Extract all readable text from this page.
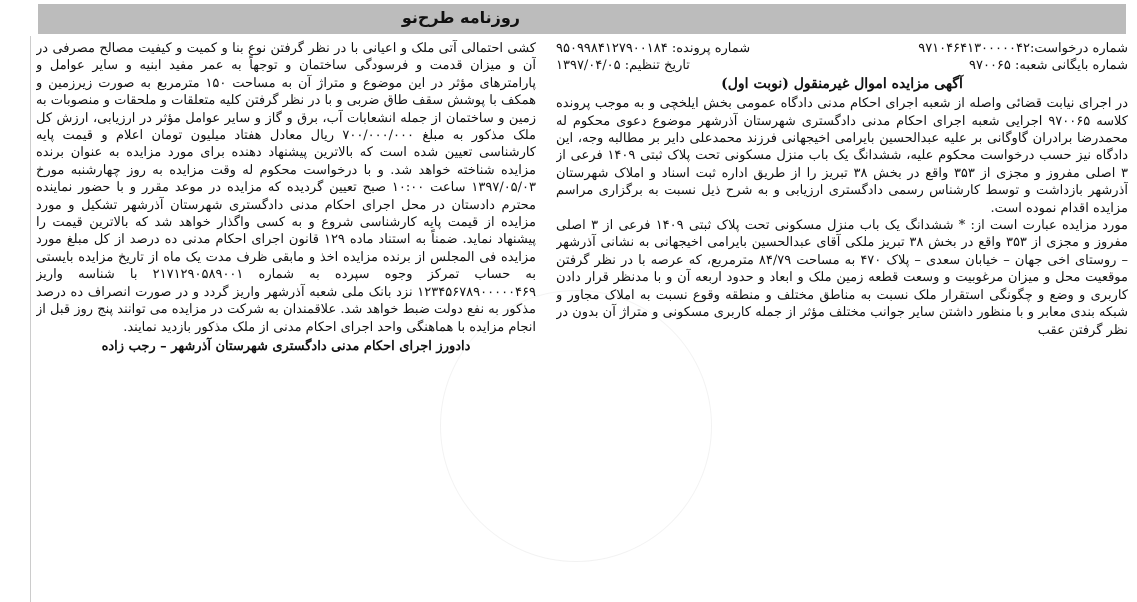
روزنامه طرح‌نو
شماره درخواست:۹۷۱۰۴۶۴۱۳۰۰۰۰۰۴۲
شماره پرونده: ۹۵۰۹۹۸۴۱۲۷۹۰۰۱۸۴
شماره بایگانی شعبه: ۹۷۰۰۶۵
تاریخ تنظیم: ۱۳۹۷/۰۴/۰۵
آگهی مزایده اموال غیرمنقول (نوبت اول)

در اجرای نیابت قضائی واصله از شعبه اجرای احکام مدنی دادگاه عمومی بخش ایلخچی و به موجب پرونده کلاسه ۹۷۰۰۶۵ اجرایی شعبه اجرای احکام مدنی دادگستری شهرستان آذرشهر موضوع دعوی محکوم له محمدرضا برادران گاوگانی بر علیه عبدالحسین بایرامی اخیجهانی فرزند محمدعلی دایر بر مطالبه وجه، این دادگاه نیز حسب درخواست محکوم علیه، ششدانگ یک باب منزل مسکونی تحت پلاک ثبتی ۱۴۰۹ فرعی از ۳ اصلی مفروز و مجزی از ۳۵۳ واقع در بخش ۳۸ تبریز را از طریق اداره ثبت اسناد و املاک شهرستان آذرشهر بازداشت و توسط کارشناس رسمی دادگستری ارزیابی و به شرح ذیل نسبت به برگزاری مراسم مزایده اقدام نموده است.

مورد مزایده عبارت است از: * ششدانگ یک باب منزل مسکونی تحت پلاک ثبتی ۱۴۰۹ فرعی از ۳ اصلی مفروز و مجزی از ۳۵۳ واقع در بخش ۳۸ تبریز ملکی آقای عبدالحسین بایرامی اخیجهانی به نشانی آذرشهر – روستای اخی جهان – خیابان سعدی – پلاک ۴۷۰ به مساحت ۸۴/۷۹ مترمربع، که عرصه با در نظر گرفتن موقعیت محل و میزان مرغوبیت و وسعت قطعه زمین ملک و ابعاد و حدود اربعه آن و با مدنظر قرار دادن کاربری و وضع و چگونگی استقرار ملک نسبت به مناطق مختلف و منطقه وقوع نسبت به املاک مجاور و شبکه بندی معابر و با منظور داشتن سایر جوانب مختلف مؤثر از جمله کاربری مسکونی و متراژ آن بدون در نظر گرفتن عقب

کشی احتمالی آتی ملک و اعیانی با در نظر گرفتن نوع بنا و کمیت و کیفیت مصالح مصرفی در آن و میزان قدمت و فرسودگی ساختمان و توجهاً به عمر مفید ابنیه و سایر عوامل و پارامترهای مؤثر در این موضوع و متراژ آن به مساحت ۱۵۰ مترمربع به صورت زیرزمین و همکف با پوشش سقف طاق ضربی و با در نظر گرفتن کلیه متعلقات و ملحقات و منصوبات به زمین و ساختمان از جمله انشعابات آب، برق و گاز و سایر عوامل مؤثر در ارزیابی، ارزش کل ملک مذکور به مبلغ ۷۰۰/۰۰۰/۰۰۰ ریال معادل هفتاد میلیون تومان اعلام و قیمت پایه کارشناسی تعیین شده است که بالاترین پیشنهاد دهنده برای مورد مزایده به عنوان برنده مزایده شناخته خواهد شد. و با درخواست محکوم له وقت مزایده به روز چهارشنبه مورخ ۱۳۹۷/۰۵/۰۳ ساعت ۱۰:۰۰ صبح تعیین گردیده که مزایده در موعد مقرر و با حضور نماینده محترم دادستان در محل اجرای احکام مدنی دادگستری شهرستان آذرشهر تشکیل و مورد مزایده از قیمت پایه کارشناسی شروع و به کسی واگذار خواهد شد که بالاترین قیمت را پیشنهاد نماید. ضمناً به استناد ماده ۱۲۹ قانون اجرای احکام مدنی ده درصد از کل مبلغ مورد مزایده فی المجلس از برنده مزایده اخذ و مابقی ظرف مدت یک ماه از تاریخ مزایده بایستی به حساب تمرکز وجوه سپرده به شماره ۲۱۷۱۲۹۰۵۸۹۰۰۱ با شناسه واریز ۱۲۳۴۵۶۷۸۹۰۰۰۰۰۴۶۹ نزد بانک ملی شعبه آذرشهر واریز گردد و در صورت انصراف ده درصد مذکور به نفع دولت ضبط خواهد شد. علاقمندان به شرکت در مزایده می توانند پنج روز قبل از انجام مزایده با هماهنگی واحد اجرای احکام مدنی از ملک مذکور بازدید نمایند.

دادورز اجرای احکام مدنی دادگستری شهرستان آذرشهر – رجب زاده
